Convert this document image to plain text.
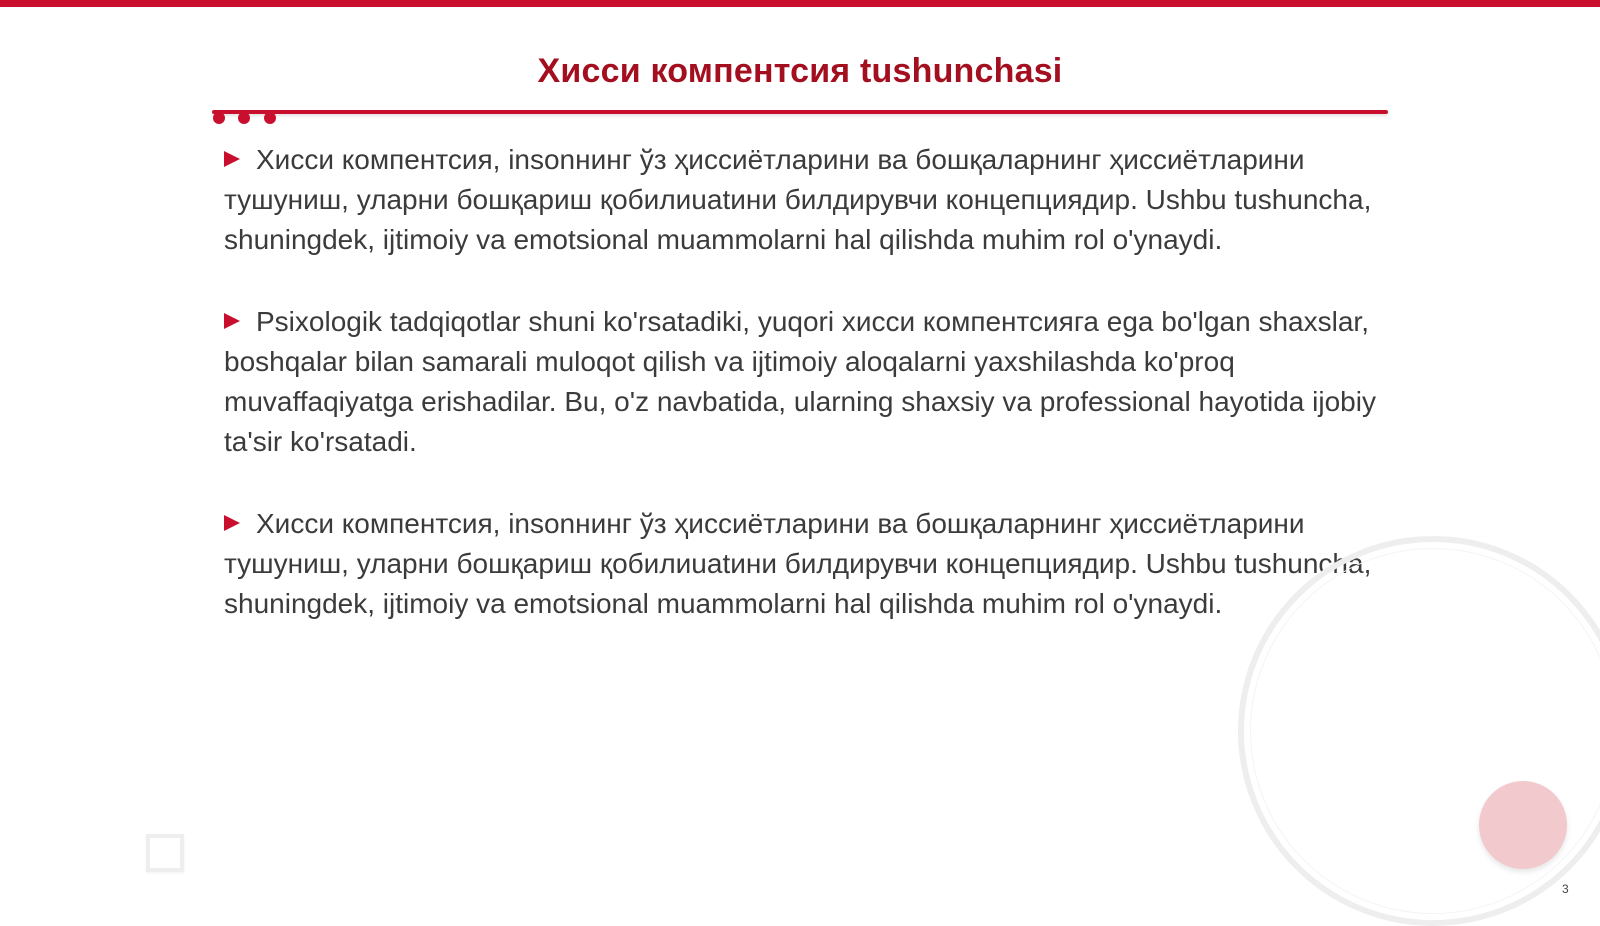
Хисси компентсия tushunchasi

Хисси компентсия, insonнинг ўз ҳиссиётларини ва бошқаларнинг ҳиссиётларини тушуниш, уларни бошқариш қобилиuatини билдирувчи концепциядир. Ushbu tushuncha, shuningdek, ijtimoiy va emotsional muammolarni hal qilishda muhim rol o'ynaydi.

Psixologik tadqiqotlar shuni ko'rsatadiki, yuqori хисси компентсияга ega bo'lgan shaxslar, boshqalar bilan samarali muloqot qilish va ijtimoiy aloqalarni yaxshilashda ko'proq muvaffaqiyatga erishadilar. Bu, o'z navbatida, ularning shaxsiy va professional hayotida ijobiy ta'sir ko'rsatadi.

Хисси компентсия, insonнинг ўз ҳиссиётларини ва бошқаларнинг ҳиссиётларини тушуниш, уларни бошқариш қобилиuatини билдирувчи концепциядир. Ushbu tushuncha, shuningdek, ijtimoiy va emotsional muammolarni hal qilishda muhim rol o'ynaydi.

3
